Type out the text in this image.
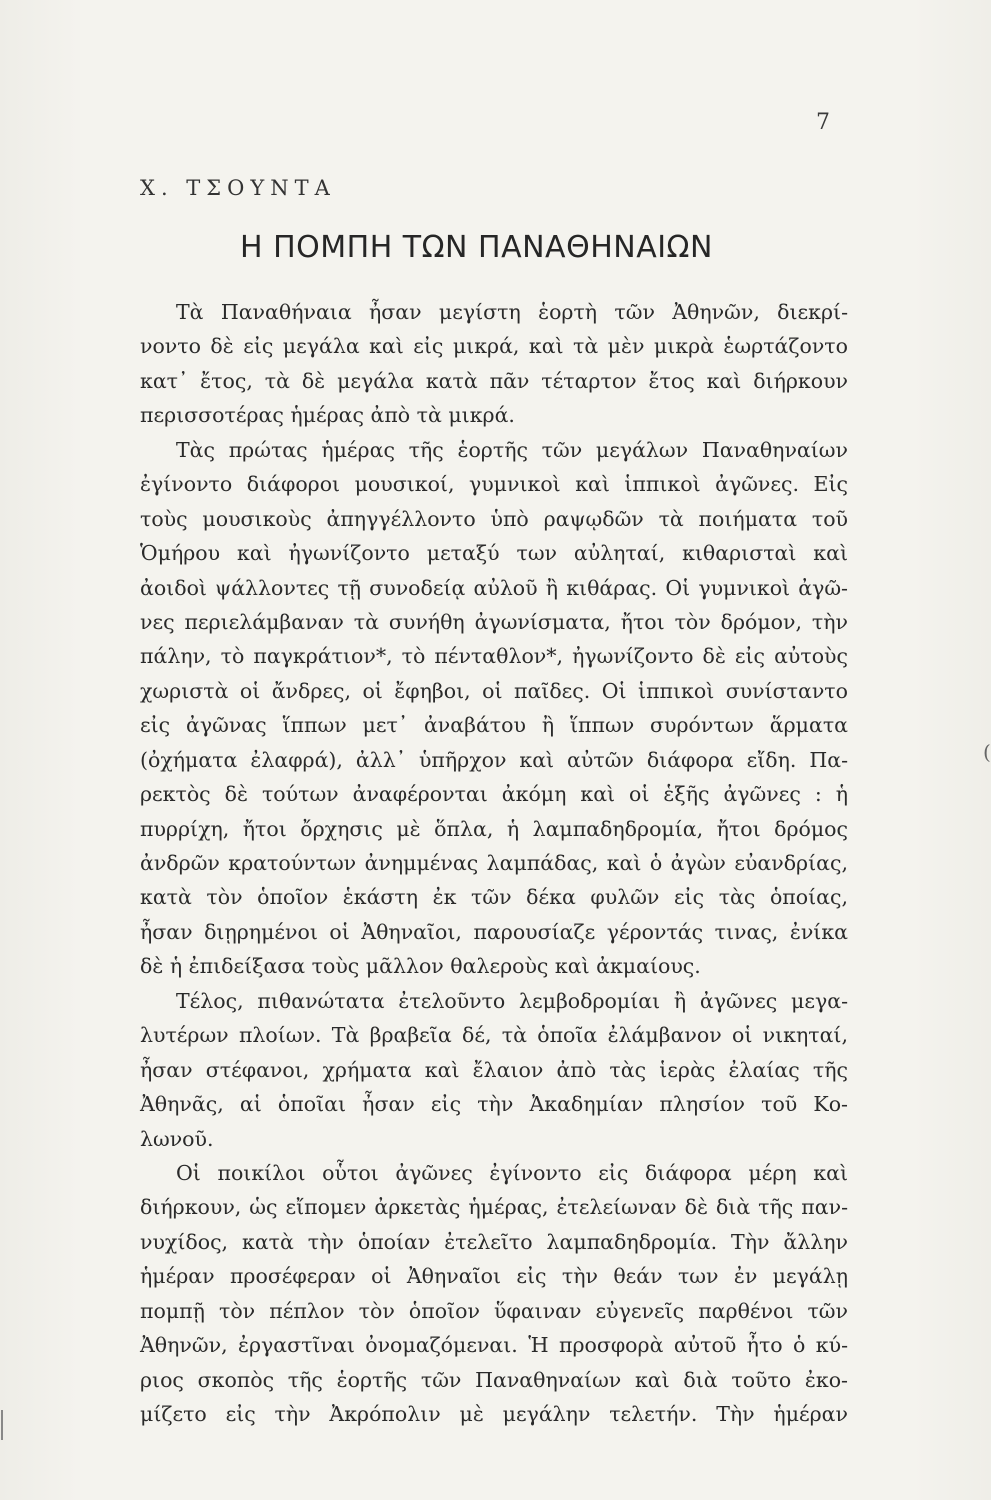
7
Χ. ΤΣΟΥΝΤΑ
Η ΠΟΜΠΗ ΤΩΝ ΠΑΝΑΘΗΝΑΙΩΝ
Τὰ Παναθήναια ἦσαν μεγίστη ἑορτὴ τῶν Ἀθηνῶν, διεκρί-
νοντο δὲ εἰς μεγάλα καὶ εἰς μικρά, καὶ τὰ μὲν μικρὰ ἑωρτάζοντο
κατ᾽ ἔτος, τὰ δὲ μεγάλα κατὰ πᾶν τέταρτον ἔτος καὶ διήρκουν
περισσοτέρας ἡμέρας ἀπὸ τὰ μικρά.
Τὰς πρώτας ἡμέρας τῆς ἑορτῆς τῶν μεγάλων Παναθηναίων
ἐγίνοντο διάφοροι μουσικοί, γυμνικοὶ καὶ ἱππικοὶ ἀγῶνες. Εἰς
τοὺς μουσικοὺς ἀπηγγέλλοντο ὑπὸ ραψῳδῶν τὰ ποιήματα τοῦ
Ὁμήρου καὶ ἠγωνίζοντο μεταξύ των αὐληταί, κιθαρισταὶ καὶ
ἀοιδοὶ ψάλλοντες τῇ συνοδείᾳ αὐλοῦ ἢ κιθάρας. Οἱ γυμνικοὶ ἀγῶ-
νες περιελάμβαναν τὰ συνήθη ἀγωνίσματα, ἤτοι τὸν δρόμον, τὴν
πάλην, τὸ παγκράτιον*, τὸ πένταθλον*, ἠγωνίζοντο δὲ εἰς αὐτοὺς
χωριστὰ οἱ ἄνδρες, οἱ ἔφηβοι, οἱ παῖδες. Οἱ ἱππικοὶ συνίσταντο
εἰς ἀγῶνας ἵππων μετ᾽ ἀναβάτου ἢ ἵππων συρόντων ἅρματα
(ὀχήματα ἐλαφρά), ἀλλ᾽ ὑπῆρχον καὶ αὐτῶν διάφορα εἴδη. Πα-
ρεκτὸς δὲ τούτων ἀναφέρονται ἀκόμη καὶ οἱ ἑξῆς ἀγῶνες : ἡ
πυρρίχη, ἤτοι ὄρχησις μὲ ὅπλα, ἡ λαμπαδηδρομία, ἤτοι δρόμος
ἀνδρῶν κρατούντων ἀνημμένας λαμπάδας, καὶ ὁ ἀγὼν εὐανδρίας,
κατὰ τὸν ὁποῖον ἑκάστη ἐκ τῶν δέκα φυλῶν εἰς τὰς ὁποίας,
ἦσαν διῃρημένοι οἱ Ἀθηναῖοι, παρουσίαζε γέροντάς τινας, ἐνίκα
δὲ ἡ ἐπιδείξασα τοὺς μᾶλλον θαλεροὺς καὶ ἀκμαίους.
Τέλος, πιθανώτατα ἐτελοῦντο λεμβοδρομίαι ἢ ἀγῶνες μεγα-
λυτέρων πλοίων. Τὰ βραβεῖα δέ, τὰ ὁποῖα ἐλάμβανον οἱ νικηταί,
ἦσαν στέφανοι, χρήματα καὶ ἔλαιον ἀπὸ τὰς ἱερὰς ἐλαίας τῆς
Ἀθηνᾶς, αἱ ὁποῖαι ἦσαν εἰς τὴν Ἀκαδημίαν πλησίον τοῦ Κο-
λωνοῦ.
Οἱ ποικίλοι οὗτοι ἀγῶνες ἐγίνοντο εἰς διάφορα μέρη καὶ
διήρκουν, ὡς εἴπομεν ἀρκετὰς ἡμέρας, ἐτελείωναν δὲ διὰ τῆς παν-
νυχίδος, κατὰ τὴν ὁποίαν ἐτελεῖτο λαμπαδηδρομία. Τὴν ἄλλην
ἡμέραν προσέφεραν οἱ Ἀθηναῖοι εἰς τὴν θεάν των ἐν μεγάλῃ
πομπῇ τὸν πέπλον τὸν ὁποῖον ὕφαιναν εὐγενεῖς παρθένοι τῶν
Ἀθηνῶν, ἐργαστῖναι ὀνομαζόμεναι. Ἡ προσφορὰ αὐτοῦ ἦτο ὁ κύ-
ριος σκοπὸς τῆς ἑορτῆς τῶν Παναθηναίων καὶ διὰ τοῦτο ἐκο-
μίζετο εἰς τὴν Ἀκρόπολιν μὲ μεγάλην τελετήν. Τὴν ἡμέραν
(
